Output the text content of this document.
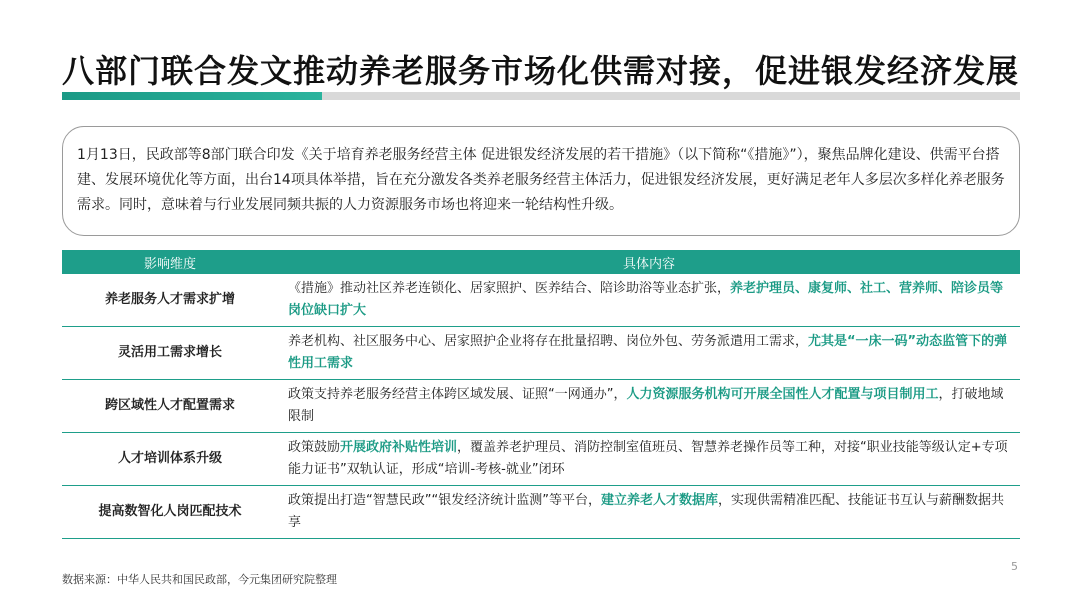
八部门联合发文推动养老服务市场化供需对接，促进银发经济发展
1月13日，民政部等8部门联合印发《关于培育养老服务经营主体 促进银发经济发展的若干措施》（以下简称“《措施》”），聚焦品牌化建设、供需平台搭建、发展环境优化等方面，出台14项具体举措，旨在充分激发各类养老服务经营主体活力，促进银发经济发展，更好满足老年人多层次多样化养老服务需求。同时，意味着与行业发展同频共振的人力资源服务市场也将迎来一轮结构性升级。
影响维度	具体内容
养老服务人才需求扩增	《措施》推动社区养老连锁化、居家照护、医养结合、陪诊助浴等业态扩张，养老护理员、康复师、社工、营养师、陪诊员等岗位缺口扩大
灵活用工需求增长	养老机构、社区服务中心、居家照护企业将存在批量招聘、岗位外包、劳务派遣用工需求，尤其是“一床一码”动态监管下的弹性用工需求
跨区域性人才配置需求	政策支持养老服务经营主体跨区域发展、证照“一网通办”，人力资源服务机构可开展全国性人才配置与项目制用工，打破地域限制
人才培训体系升级	政策鼓励开展政府补贴性培训，覆盖养老护理员、消防控制室值班员、智慧养老操作员等工种，对接“职业技能等级认定+专项能力证书”双轨认证，形成“培训-考核-就业”闭环
提高数智化人岗匹配技术	政策提出打造“智慧民政”“银发经济统计监测”等平台，建立养老人才数据库，实现供需精准匹配、技能证书互认与薪酬数据共享
数据来源：中华人民共和国民政部，今元集团研究院整理
5
